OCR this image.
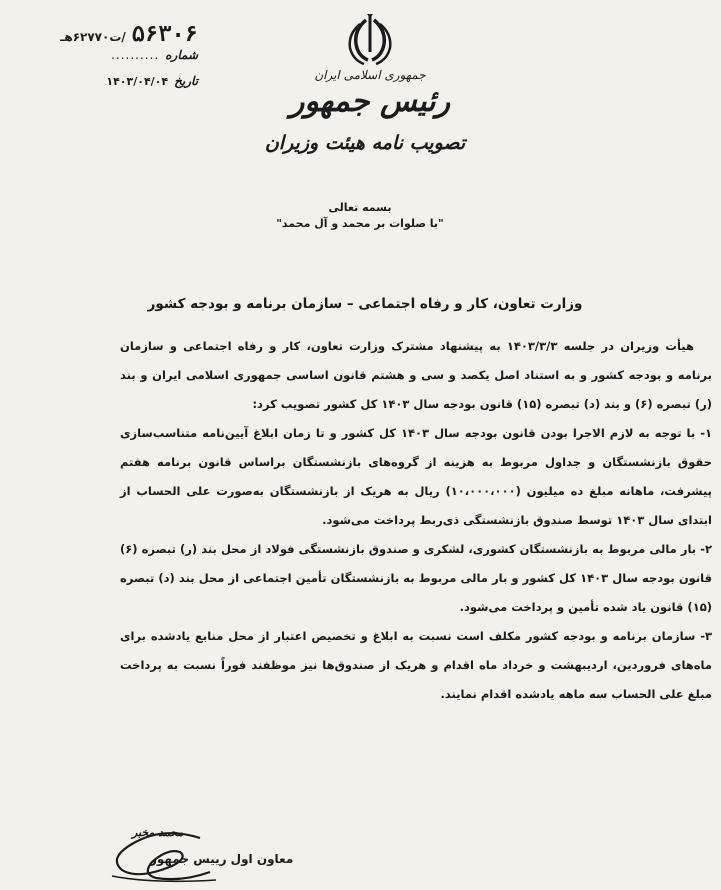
۵۶۳۰۶
/ت۶۲۷۷۰هـ
شماره
..........
تاریخ
۱۴۰۳/۰۴/۰۴	جمهوری اسلامی ایران
رئیس جمهور
تصویب نامه هیئت وزیران
بسمه تعالی
"با صلوات بر محمد و آل محمد"
وزارت تعاون، کار و رفاه اجتماعی – سازمان برنامه و بودجه کشور

هیأت وزیران در جلسه ۱۴۰۳/۳/۳ به پیشنهاد مشترک وزارت تعاون، کار و رفاه اجتماعی و سازمان برنامه و بودجه کشور و به استناد اصل یکصد و سی و هشتم قانون اساسی جمهوری اسلامی ایران و بند (ر) تبصره (۶) و بند (د) تبصره (۱۵) قانون بودجه سال ۱۴۰۳ کل کشور تصویب کرد:

۱- با توجه به لازم الاجرا بودن قانون بودجه سال ۱۴۰۳ کل کشور و تا زمان ابلاغ آیین‌نامه متناسب‌سازی حقوق بازنشستگان و جداول مربوط به هزینه از گروه‌های بازنشستگان براساس قانون برنامه هفتم پیشرفت، ماهانه مبلغ ده میلیون (۱۰،۰۰۰،۰۰۰) ریال به هریک از بازنشستگان به‌صورت علی الحساب از ابتدای سال ۱۴۰۳ توسط صندوق بازنشستگی ذی‌ربط پرداخت می‌شود.

۲- بار مالی مربوط به بازنشستگان کشوری، لشکری و صندوق بازنشستگی فولاد از محل بند (ر) تبصره (۶) قانون بودجه سال ۱۴۰۳ کل کشور و بار مالی مربوط به بازنشستگان تأمین اجتماعی از محل بند (د) تبصره (۱۵) قانون یاد شده تأمین و پرداخت می‌شود.

۳- سازمان برنامه و بودجه کشور مکلف است نسبت به ابلاغ و تخصیص اعتبار از محل منابع یادشده برای ماه‌های فروردین، اردیبهشت و خرداد ماه اقدام و هریک از صندوق‌ها نیز موظفند فوراً نسبت به پرداخت مبلغ علی الحساب سه ماهه یادشده اقدام نمایند.

محمد مخبر
معاون اول رییس جمهور
